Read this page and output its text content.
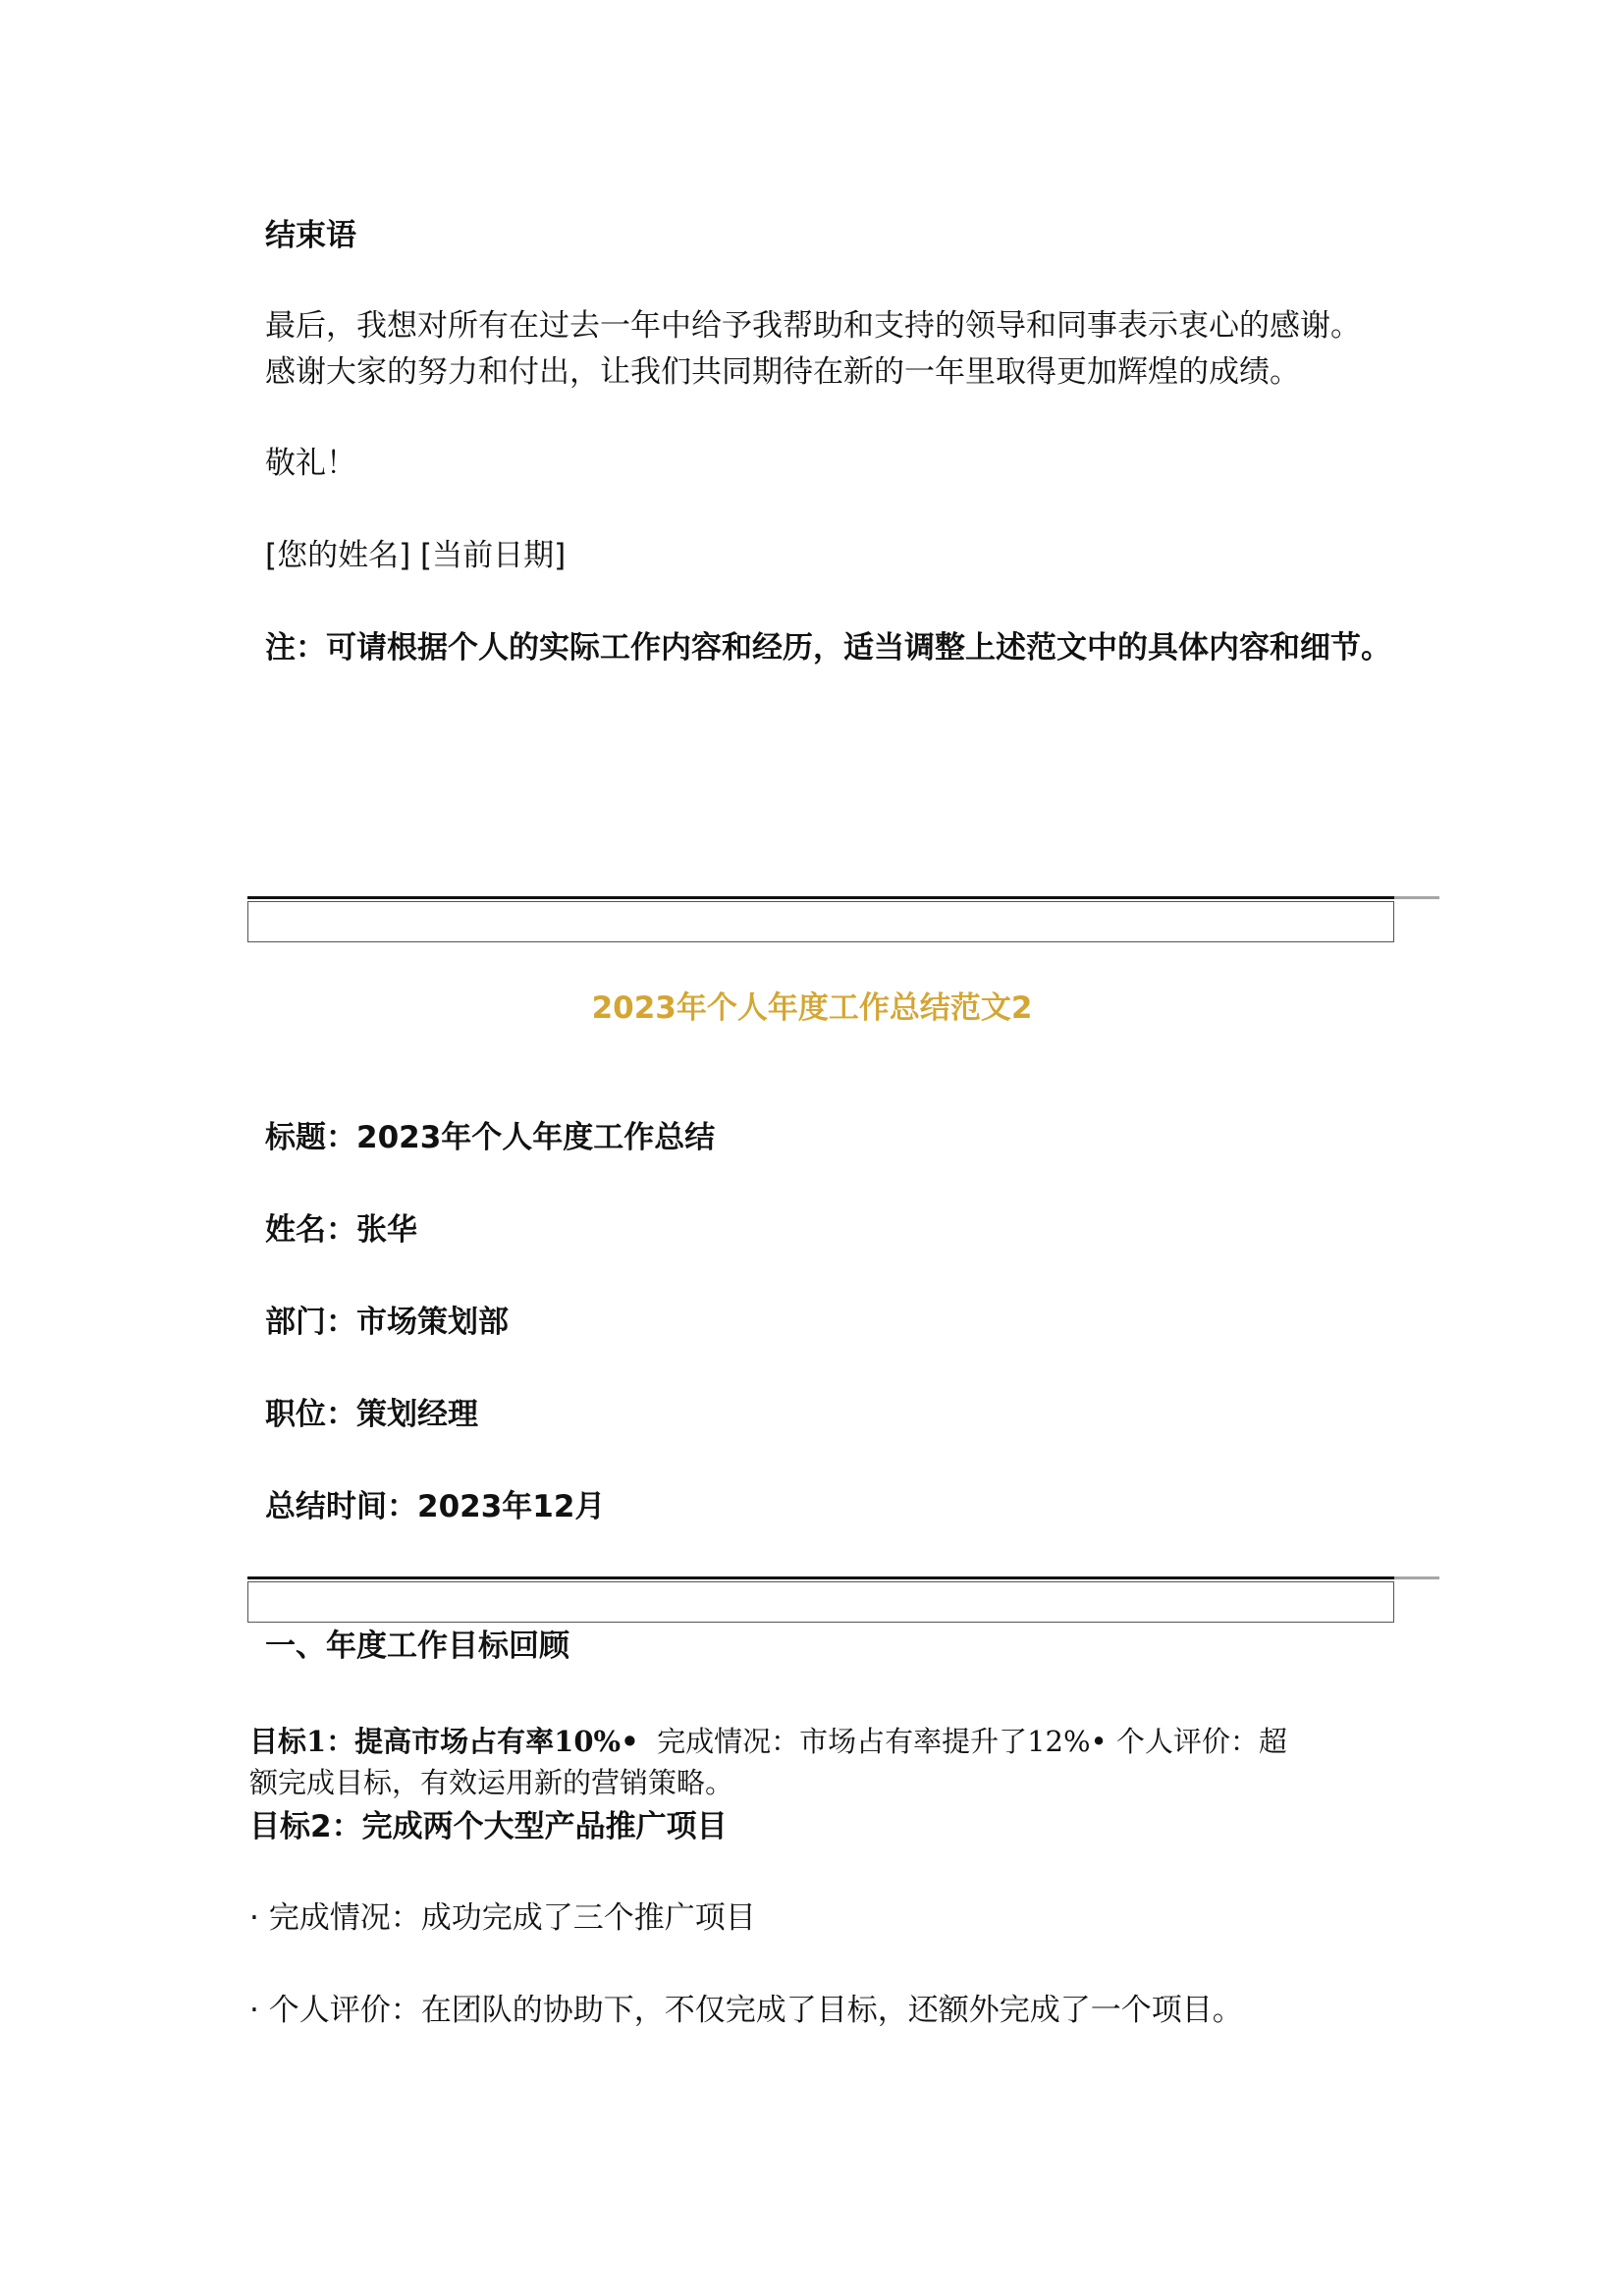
结束语

最后，我想对所有在过去一年中给予我帮助和支持的领导和同事表示衷心的感谢。

感谢大家的努力和付出，让我们共同期待在新的一年里取得更加辉煌的成绩。

敬礼！

[您的姓名] [当前日期]

注：可请根据个人的实际工作内容和经历，适当调整上述范文中的具体内容和细节。

2023年个人年度工作总结范文2
标题：2023年个人年度工作总结
姓名：张华
部门：市场策划部
职位：策划经理
总结时间：2023年12月
一、年度工作目标回顾

目标1：提高市场占有率10%• 完成情况：市场占有率提升了12%• 个人评价：超

额完成目标，有效运用新的营销策略。

目标2：完成两个大型产品推广项目

· 完成情况：成功完成了三个推广项目

· 个人评价：在团队的协助下，不仅完成了目标，还额外完成了一个项目。
